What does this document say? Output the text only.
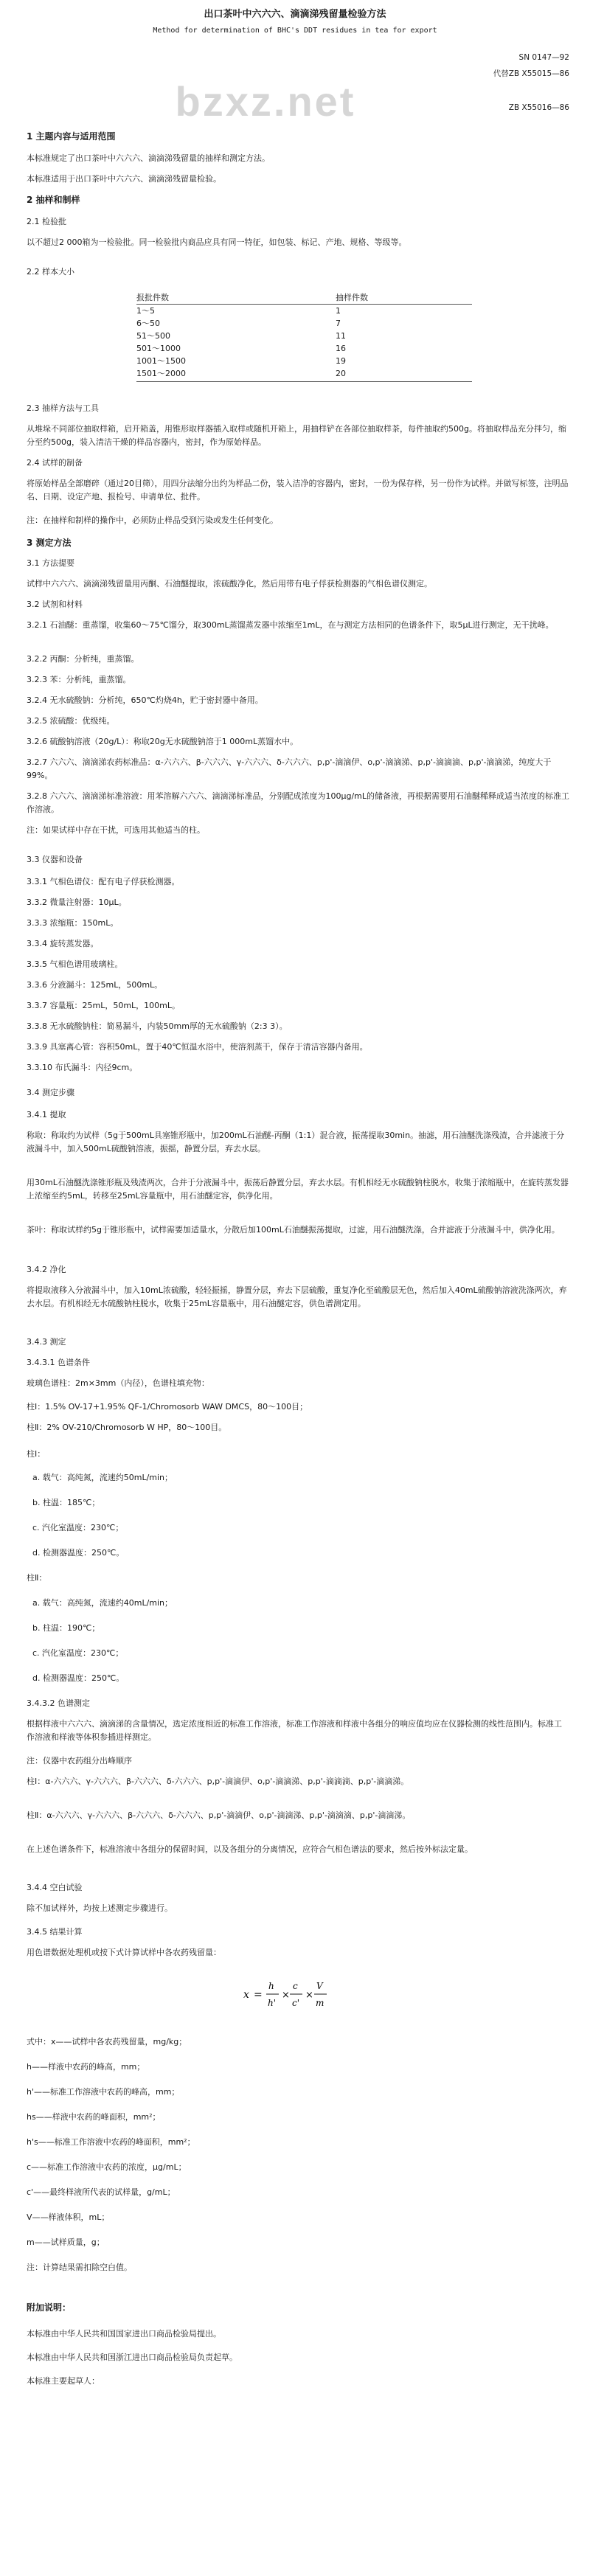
bzxz.net
出口茶叶中六六六、滴滴涕残留量检验方法
Method for determination of BHC's DDT residues in tea for export
SN 0147—92
代替ZB X55015—86
ZB X55016—86
报批件数	抽样件数
1～5	1
6～50	7
51～500	11
501～1000	16
1001～1500	19
1501～2000	20
1 主题内容与适用范围
本标准规定了出口茶叶中六六六、滴滴涕残留量的抽样和测定方法。
本标准适用于出口茶叶中六六六、滴滴涕残留量检验。
2 抽样和制样
2.1 检验批
以不超过2 000箱为一检验批。同一检验批内商品应具有同一特征，如包装、标记、产地、规格、等级等。
2.2 样本大小
2.3 抽样方法与工具
从堆垛不同部位抽取样箱，启开箱盖，用锥形取样器插入取样或随机开箱上，用抽样铲在各部位抽取样茶，每件抽取约500g。将抽取样品充分拌匀，缩分至约500g，装入清洁干燥的样品容器内，密封，作为原始样品。
2.4 试样的制备
将原始样品全部磨碎（通过20目筛），用四分法缩分出约为样品二份，装入洁净的容器内，密封，一份为保存样，另一份作为试样。并做写标签，注明品名、日期、设定产地、报检号、申请单位、批件。
注：在抽样和制样的操作中，必须防止样品受到污染或发生任何变化。
3 测定方法
3.1 方法提要
试样中六六六、滴滴涕残留量用丙酮、石油醚提取，浓硫酸净化，然后用带有电子俘获检测器的气相色谱仪测定。
3.2 试剂和材料
3.2.1 石油醚：重蒸馏，收集60～75℃馏分，取300mL蒸馏蒸发器中浓缩至1mL，在与测定方法相同的色谱条件下，取5μL进行测定，无干扰峰。
3.2.2 丙酮：分析纯，重蒸馏。
3.2.3 苯：分析纯，重蒸馏。
3.2.4 无水硫酸钠：分析纯，650℃灼烧4h，贮于密封器中备用。
3.2.5 浓硫酸：优级纯。
3.2.6 硫酸钠溶液（20g/L）：称取20g无水硫酸钠溶于1 000mL蒸馏水中。
3.2.7 六六六、滴滴涕农药标准品：α-六六六、β-六六六、γ-六六六、δ-六六六、p,p'-滴滴伊、o,p'-滴滴涕、p,p'-滴滴滴、p,p'-滴滴涕，纯度大于99%。
3.2.8 六六六、滴滴涕标准溶液：用苯溶解六六六、滴滴涕标准品，分别配成浓度为100μg/mL的储备液，再根据需要用石油醚稀释成适当浓度的标准工作溶液。
注：如果试样中存在干扰，可选用其他适当的柱。
3.3 仪器和设备
3.3.1 气相色谱仪：配有电子俘获检测器。
3.3.2 微量注射器：10μL。
3.3.3 浓缩瓶：150mL。
3.3.4 旋转蒸发器。
3.3.5 气相色谱用玻璃柱。
3.3.6 分液漏斗：125mL，500mL。
3.3.7 容量瓶：25mL，50mL，100mL。
3.3.8 无水硫酸钠柱：简易漏斗，内装50mm厚的无水硫酸钠（2:3 3）。
3.3.9 具塞离心管：容积50mL，置于40℃恒温水浴中，使溶剂蒸干，保存于清洁容器内备用。
3.3.10 布氏漏斗：内径9cm。
3.4 测定步骤
3.4.1 提取
称取：称取约为试样（5g于500mL具塞锥形瓶中，加200mL石油醚-丙酮（1:1）混合液，振荡提取30min。抽滤，用石油醚洗涤残渣，合并滤液于分液漏斗中，加入500mL硫酸钠溶液，振摇，静置分层，弃去水层。
用30mL石油醚洗涤锥形瓶及残渣两次，合并于分液漏斗中，振荡后静置分层，弃去水层。有机相经无水硫酸钠柱脱水，收集于浓缩瓶中，在旋转蒸发器上浓缩至约5mL，转移至25mL容量瓶中，用石油醚定容，供净化用。
茶叶：称取试样约5g于锥形瓶中，试样需要加适量水，分散后加100mL石油醚振荡提取，过滤，用石油醚洗涤，合并滤液于分液漏斗中，供净化用。
3.4.2 净化
将提取液移入分液漏斗中，加入10mL浓硫酸，轻轻振摇，静置分层，弃去下层硫酸，重复净化至硫酸层无色，然后加入40mL硫酸钠溶液洗涤两次，弃去水层。有机相经无水硫酸钠柱脱水，收集于25mL容量瓶中，用石油醚定容，供色谱测定用。
3.4.3 测定
3.4.3.1 色谱条件
玻璃色谱柱：2m×3mm（内径），色谱柱填充物：
柱Ⅰ：1.5% OV-17+1.95% QF-1/Chromosorb WAW DMCS，80～100目；
柱Ⅱ：2% OV-210/Chromosorb W HP，80～100目。
柱Ⅰ：
a. 载气：高纯氮，流速约50mL/min；
b. 柱温：185℃；
c. 汽化室温度：230℃；
d. 检测器温度：250℃。
柱Ⅱ：
a. 载气：高纯氮，流速约40mL/min；
b. 柱温：190℃；
c. 汽化室温度：230℃；
d. 检测器温度：250℃。
3.4.3.2 色谱测定
根据样液中六六六、滴滴涕的含量情况，选定浓度相近的标准工作溶液，标准工作溶液和样液中各组分的响应值均应在仪器检测的线性范围内。标准工作溶液和样液等体积参插进样测定。
注：仪器中农药组分出峰顺序
柱Ⅰ：α-六六六、γ-六六六、β-六六六、δ-六六六、p,p'-滴滴伊、o,p'-滴滴涕、p,p'-滴滴滴、p,p'-滴滴涕。
柱Ⅱ：α-六六六、γ-六六六、β-六六六、δ-六六六、p,p'-滴滴伊、o,p'-滴滴涕、p,p'-滴滴滴、p,p'-滴滴涕。
在上述色谱条件下，标准溶液中各组分的保留时间，以及各组分的分离情况，应符合气相色谱法的要求，然后按外标法定量。
3.4.4 空白试验
除不加试样外，均按上述测定步骤进行。
3.4.5 结果计算
用色谱数据处理机或按下式计算试样中各农药残留量：
x =
h
h'
×
c
c'
×
V
m
式中：x——试样中各农药残留量，mg/kg；
h——样液中农药的峰高，mm；
h'——标准工作溶液中农药的峰高，mm；
hs——样液中农药的峰面积，mm²；
h's——标准工作溶液中农药的峰面积，mm²；
c——标准工作溶液中农药的浓度，μg/mL；
c'——最终样液所代表的试样量，g/mL；
V——样液体积，mL；
m——试样质量，g；
注：计算结果需扣除空白值。
附加说明：
本标准由中华人民共和国国家进出口商品检验局提出。
本标准由中华人民共和国浙江进出口商品检验局负责起草。
本标准主要起草人：
